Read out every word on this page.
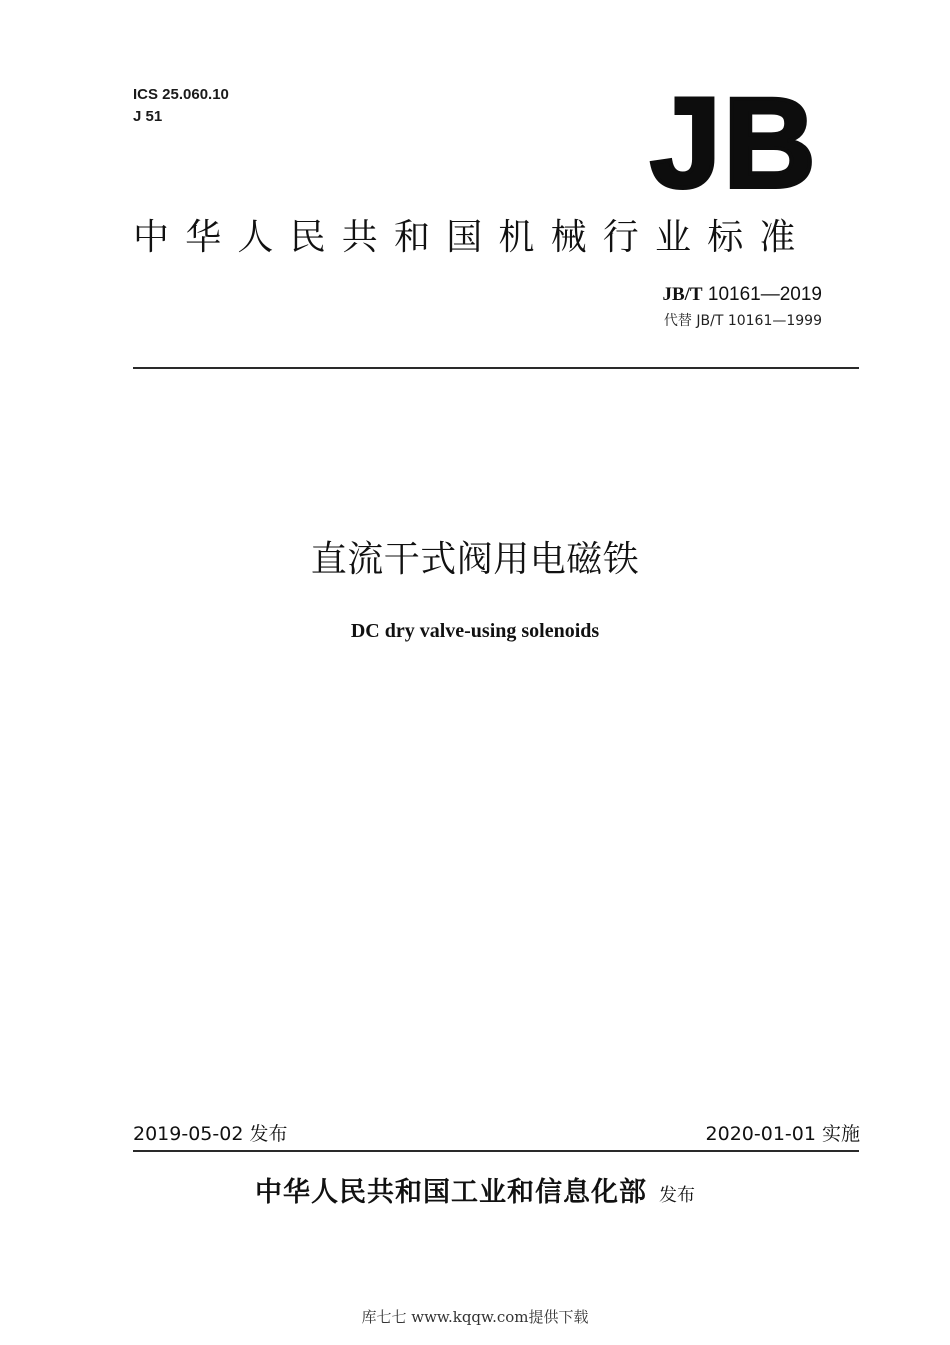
ICS 25.060.10
J 51	JB
中华人民共和国机械行业标准
JB/T 10161—2019
代替 JB/T 10161—1999
直流干式阀用电磁铁
DC dry valve-using solenoids
2019-05-02 发布	2020-01-01 实施
中华人民共和国工业和信息化部 发布
库七七 www.kqqw.com提供下载
